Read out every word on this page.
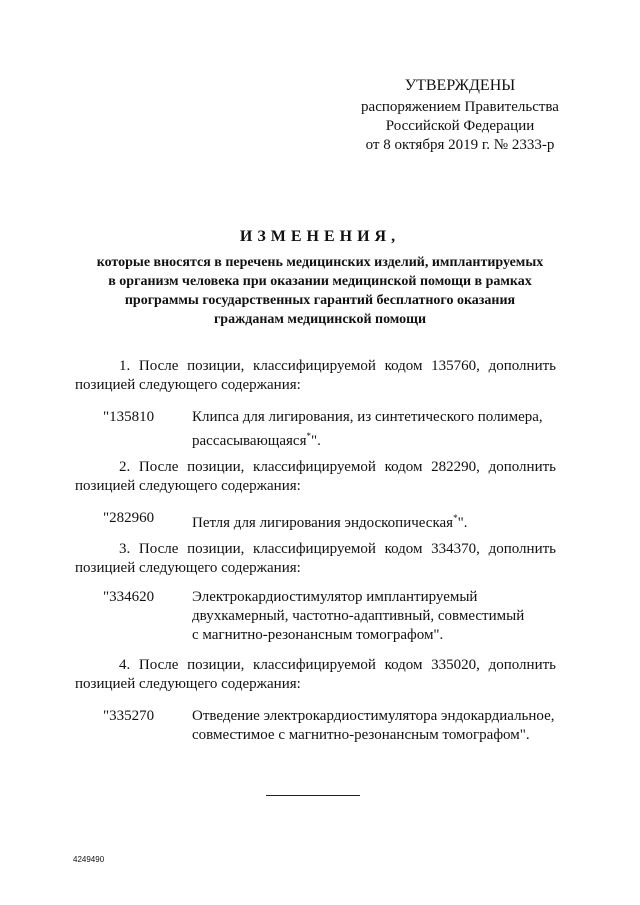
УТВЕРЖДЕНЫ
распоряжением Правительства
Российской Федерации
от 8 октября 2019 г. № 2333-р
ИЗМЕНЕНИЯ,
которые вносятся в перечень медицинских изделий, имплантируемых
в организм человека при оказании медицинской помощи в рамках
программы государственных гарантий бесплатного оказания
гражданам медицинской помощи
1. После позиции, классифицируемой кодом 135760, дополнить
позицией следующего содержания:
"135810	Клипса для лигирования, из синтетического полимера,
рассасывающаяся*".
2. После позиции, классифицируемой кодом 282290, дополнить
позицией следующего содержания:
"282960	Петля для лигирования эндоскопическая*".
3. После позиции, классифицируемой кодом 334370, дополнить
позицией следующего содержания:
"334620	Электрокардиостимулятор имплантируемый
двухкамерный, частотно-адаптивный, совместимый
с магнитно-резонансным томографом".
4. После позиции, классифицируемой кодом 335020, дополнить
позицией следующего содержания:
"335270	Отведение электрокардиостимулятора эндокардиальное,
совместимое с магнитно-резонансным томографом".
4249490
